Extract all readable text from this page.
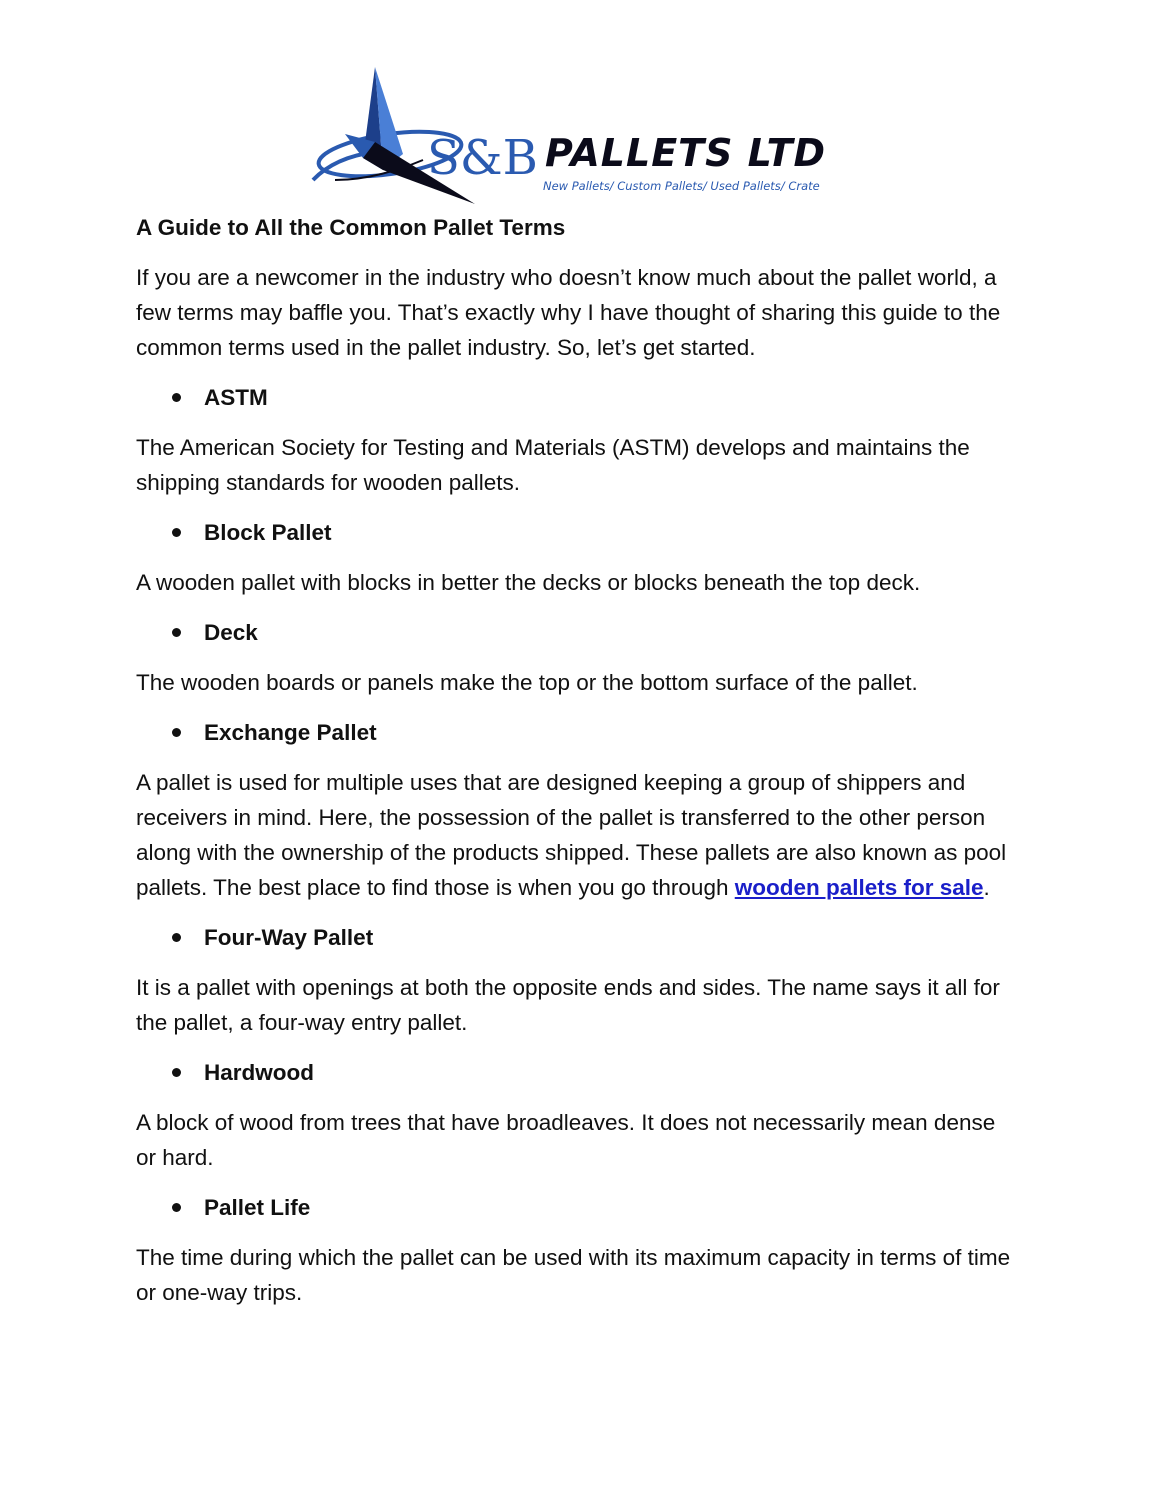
S&B PALLETS LTD
New Pallets/ Custom Pallets/ Used Pallets/ Crate
A Guide to All the Common Pallet Terms

If you are a newcomer in the industry who doesn’t know much about the pallet world, a few terms may baffle you. That’s exactly why I have thought of sharing this guide to the common terms used in the pallet industry. So, let’s get started.

ASTM

The American Society for Testing and Materials (ASTM) develops and maintains the shipping standards for wooden pallets.

Block Pallet

A wooden pallet with blocks in better the decks or blocks beneath the top deck.

Deck

The wooden boards or panels make the top or the bottom surface of the pallet.

Exchange Pallet

A pallet is used for multiple uses that are designed keeping a group of shippers and receivers in mind. Here, the possession of the pallet is transferred to the other person along with the ownership of the products shipped. These pallets are also known as pool pallets. The best place to find those is when you go through wooden pallets for sale.

Four-Way Pallet

It is a pallet with openings at both the opposite ends and sides. The name says it all for the pallet, a four-way entry pallet.

Hardwood

A block of wood from trees that have broadleaves. It does not necessarily mean dense or hard.

Pallet Life

The time during which the pallet can be used with its maximum capacity in terms of time or one-way trips.
